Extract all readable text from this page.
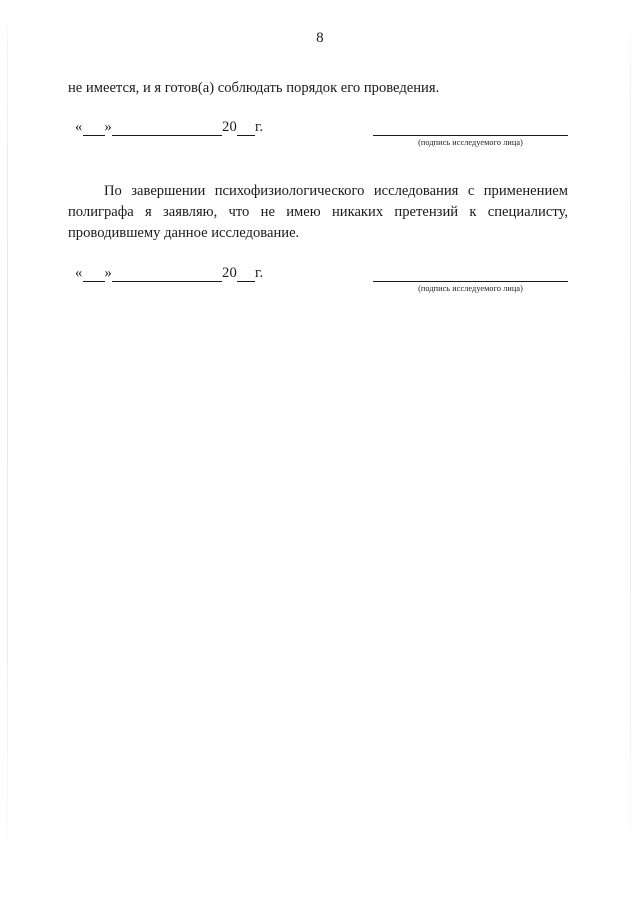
8

не имеется, и я готов(а) соблюдать порядок его проведения.

« »	20 г.
(подпись исследуемого лица)

По завершении психофизиологического исследования с применением полиграфа я заявляю, что не имею никаких претензий к специалисту, проводившему данное исследование.

« »	20 г.
(подпись исследуемого лица)
